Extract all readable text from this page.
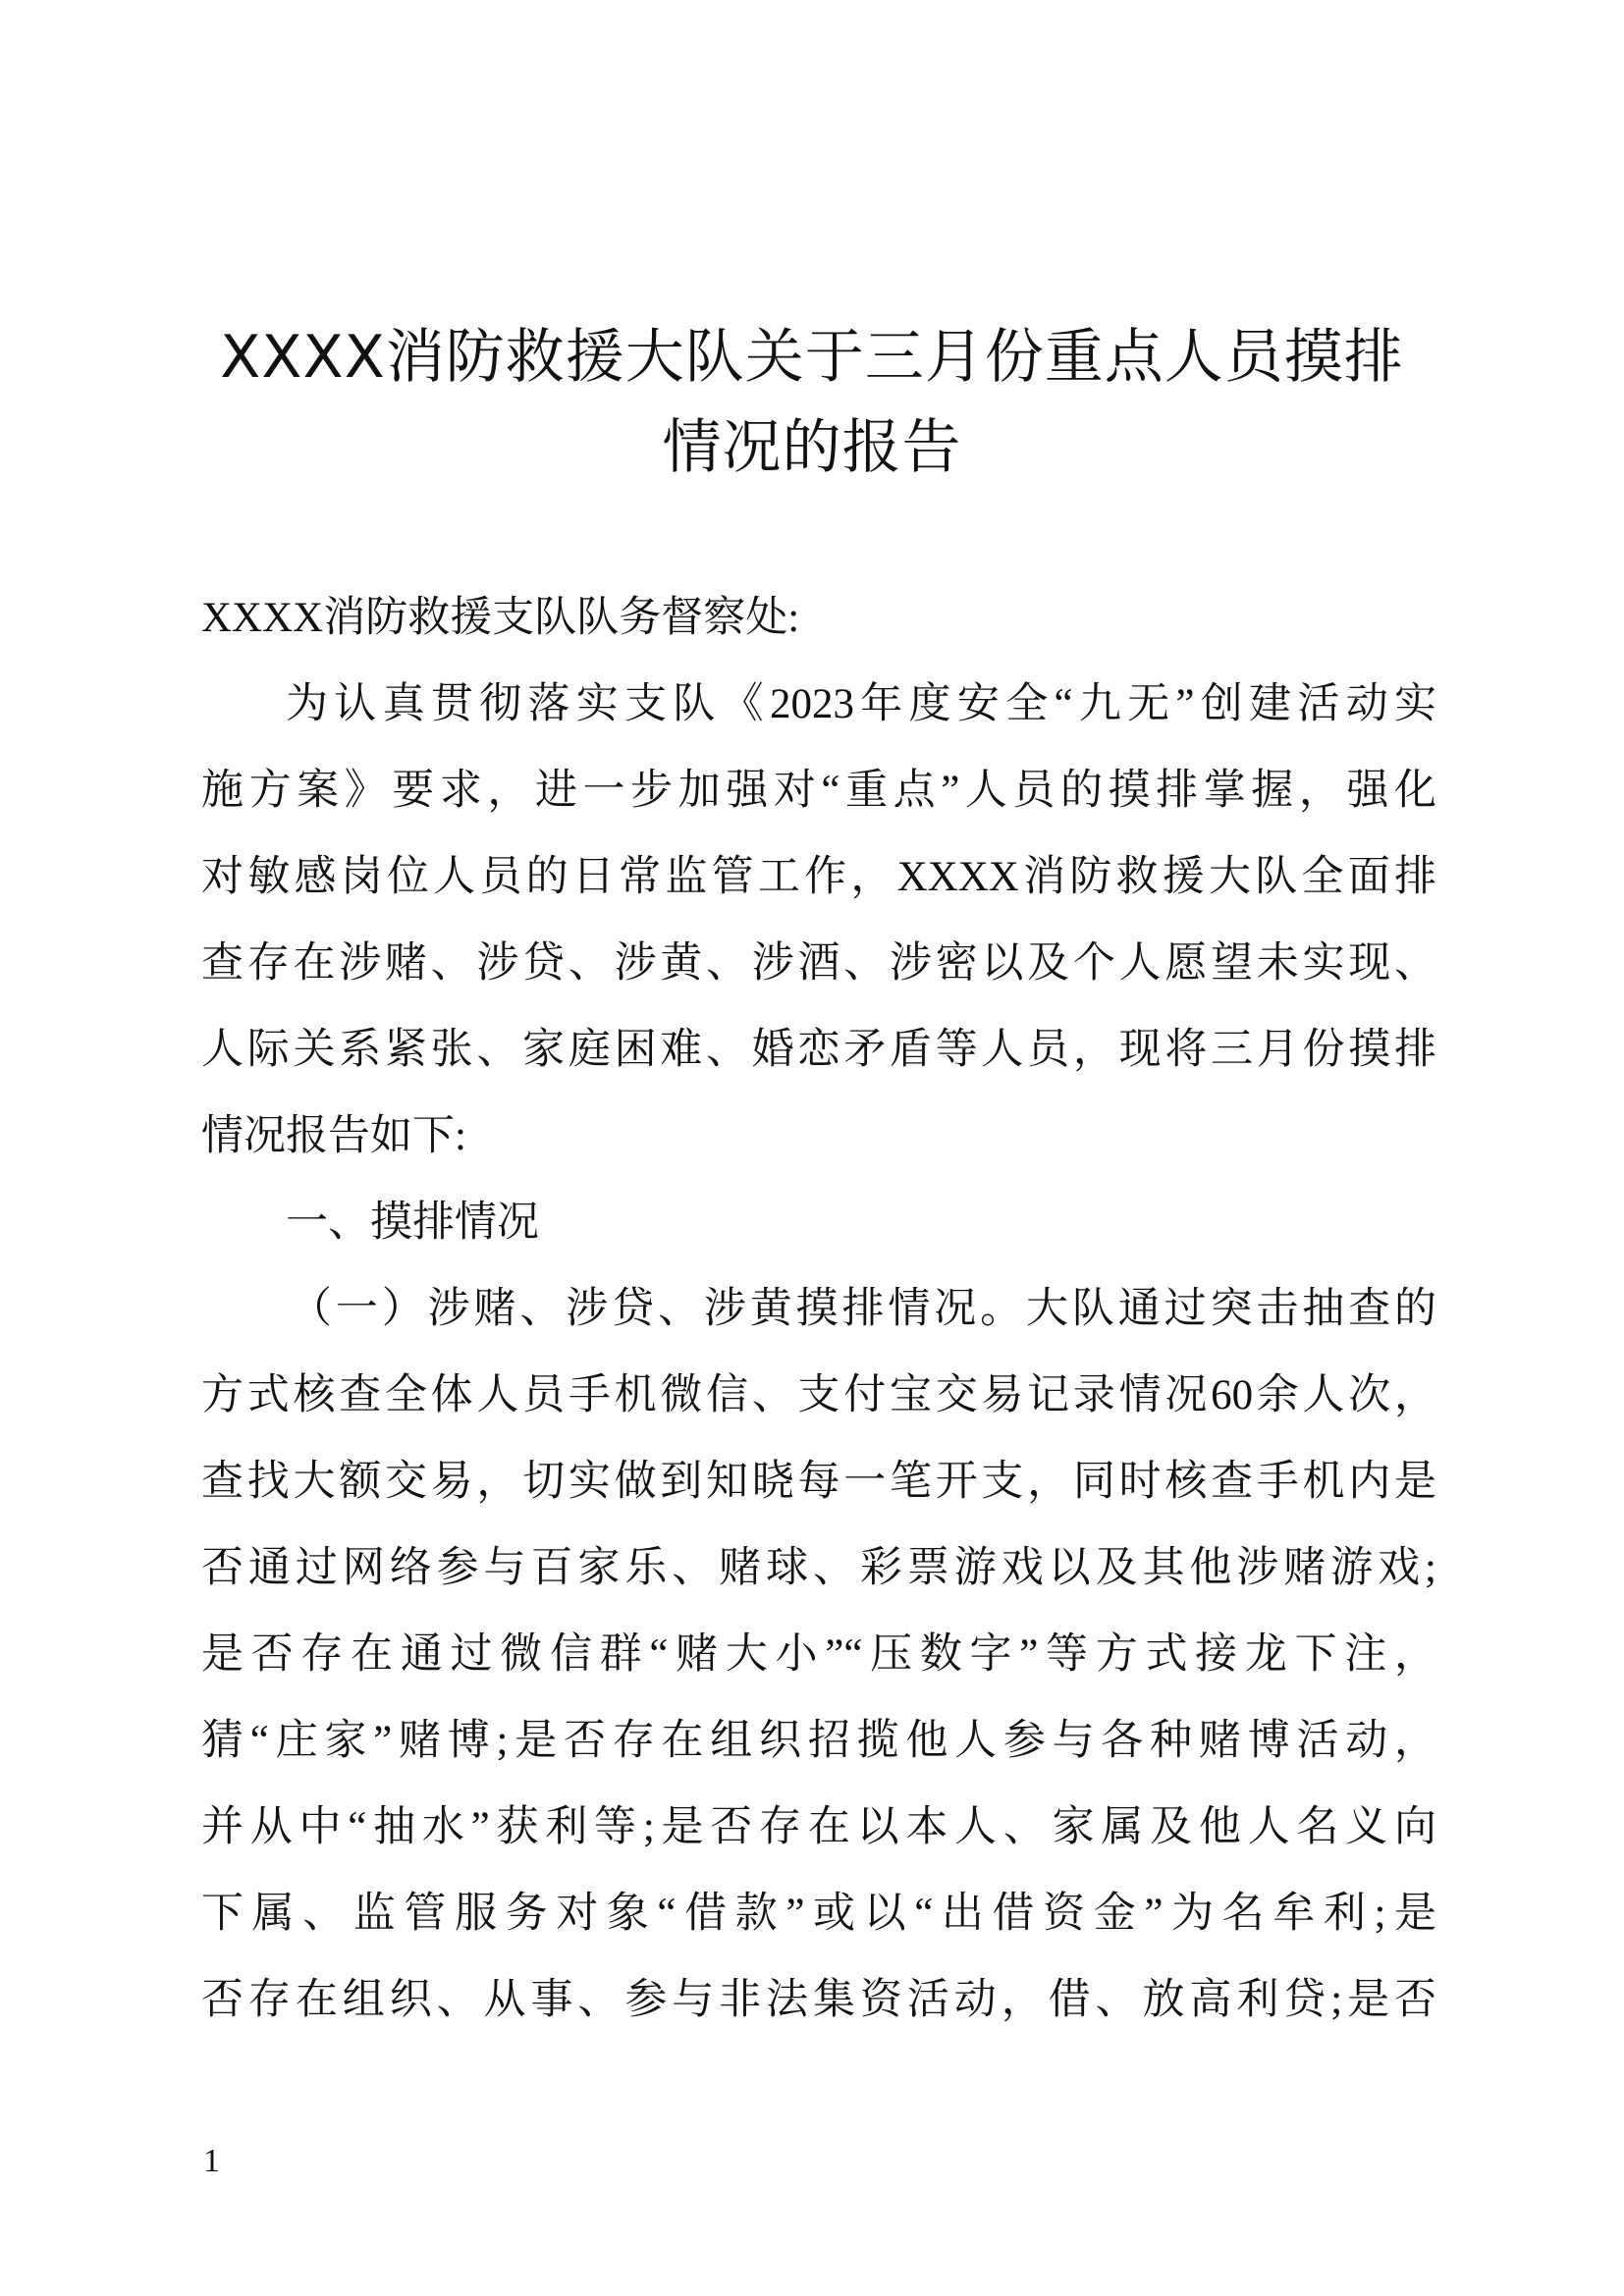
XXXX消防救援大队关于三月份重点人员摸排
情况的报告
XXXX消防救援支队队务督察处:
为认真贯彻落实支队《2023年度安全“九无”创建活动实
施方案》要求，进一步加强对“重点”人员的摸排掌握，强化
对敏感岗位人员的日常监管工作，XXXX消防救援大队全面排
查存在涉赌、涉贷、涉黄、涉酒、涉密以及个人愿望未实现、
人际关系紧张、家庭困难、婚恋矛盾等人员，现将三月份摸排
情况报告如下:
一、摸排情况
（一）涉赌、涉贷、涉黄摸排情况。大队通过突击抽查的
方式核查全体人员手机微信、支付宝交易记录情况60余人次，
查找大额交易，切实做到知晓每一笔开支，同时核查手机内是
否通过网络参与百家乐、赌球、彩票游戏以及其他涉赌游戏;
是否存在通过微信群“赌大小”“压数字”等方式接龙下注，
猜“庄家”赌博;是否存在组织招揽他人参与各种赌博活动，
并从中“抽水”获利等;是否存在以本人、家属及他人名义向
下属、监管服务对象“借款”或以“出借资金”为名牟利;是
否存在组织、从事、参与非法集资活动，借、放高利贷;是否
1
